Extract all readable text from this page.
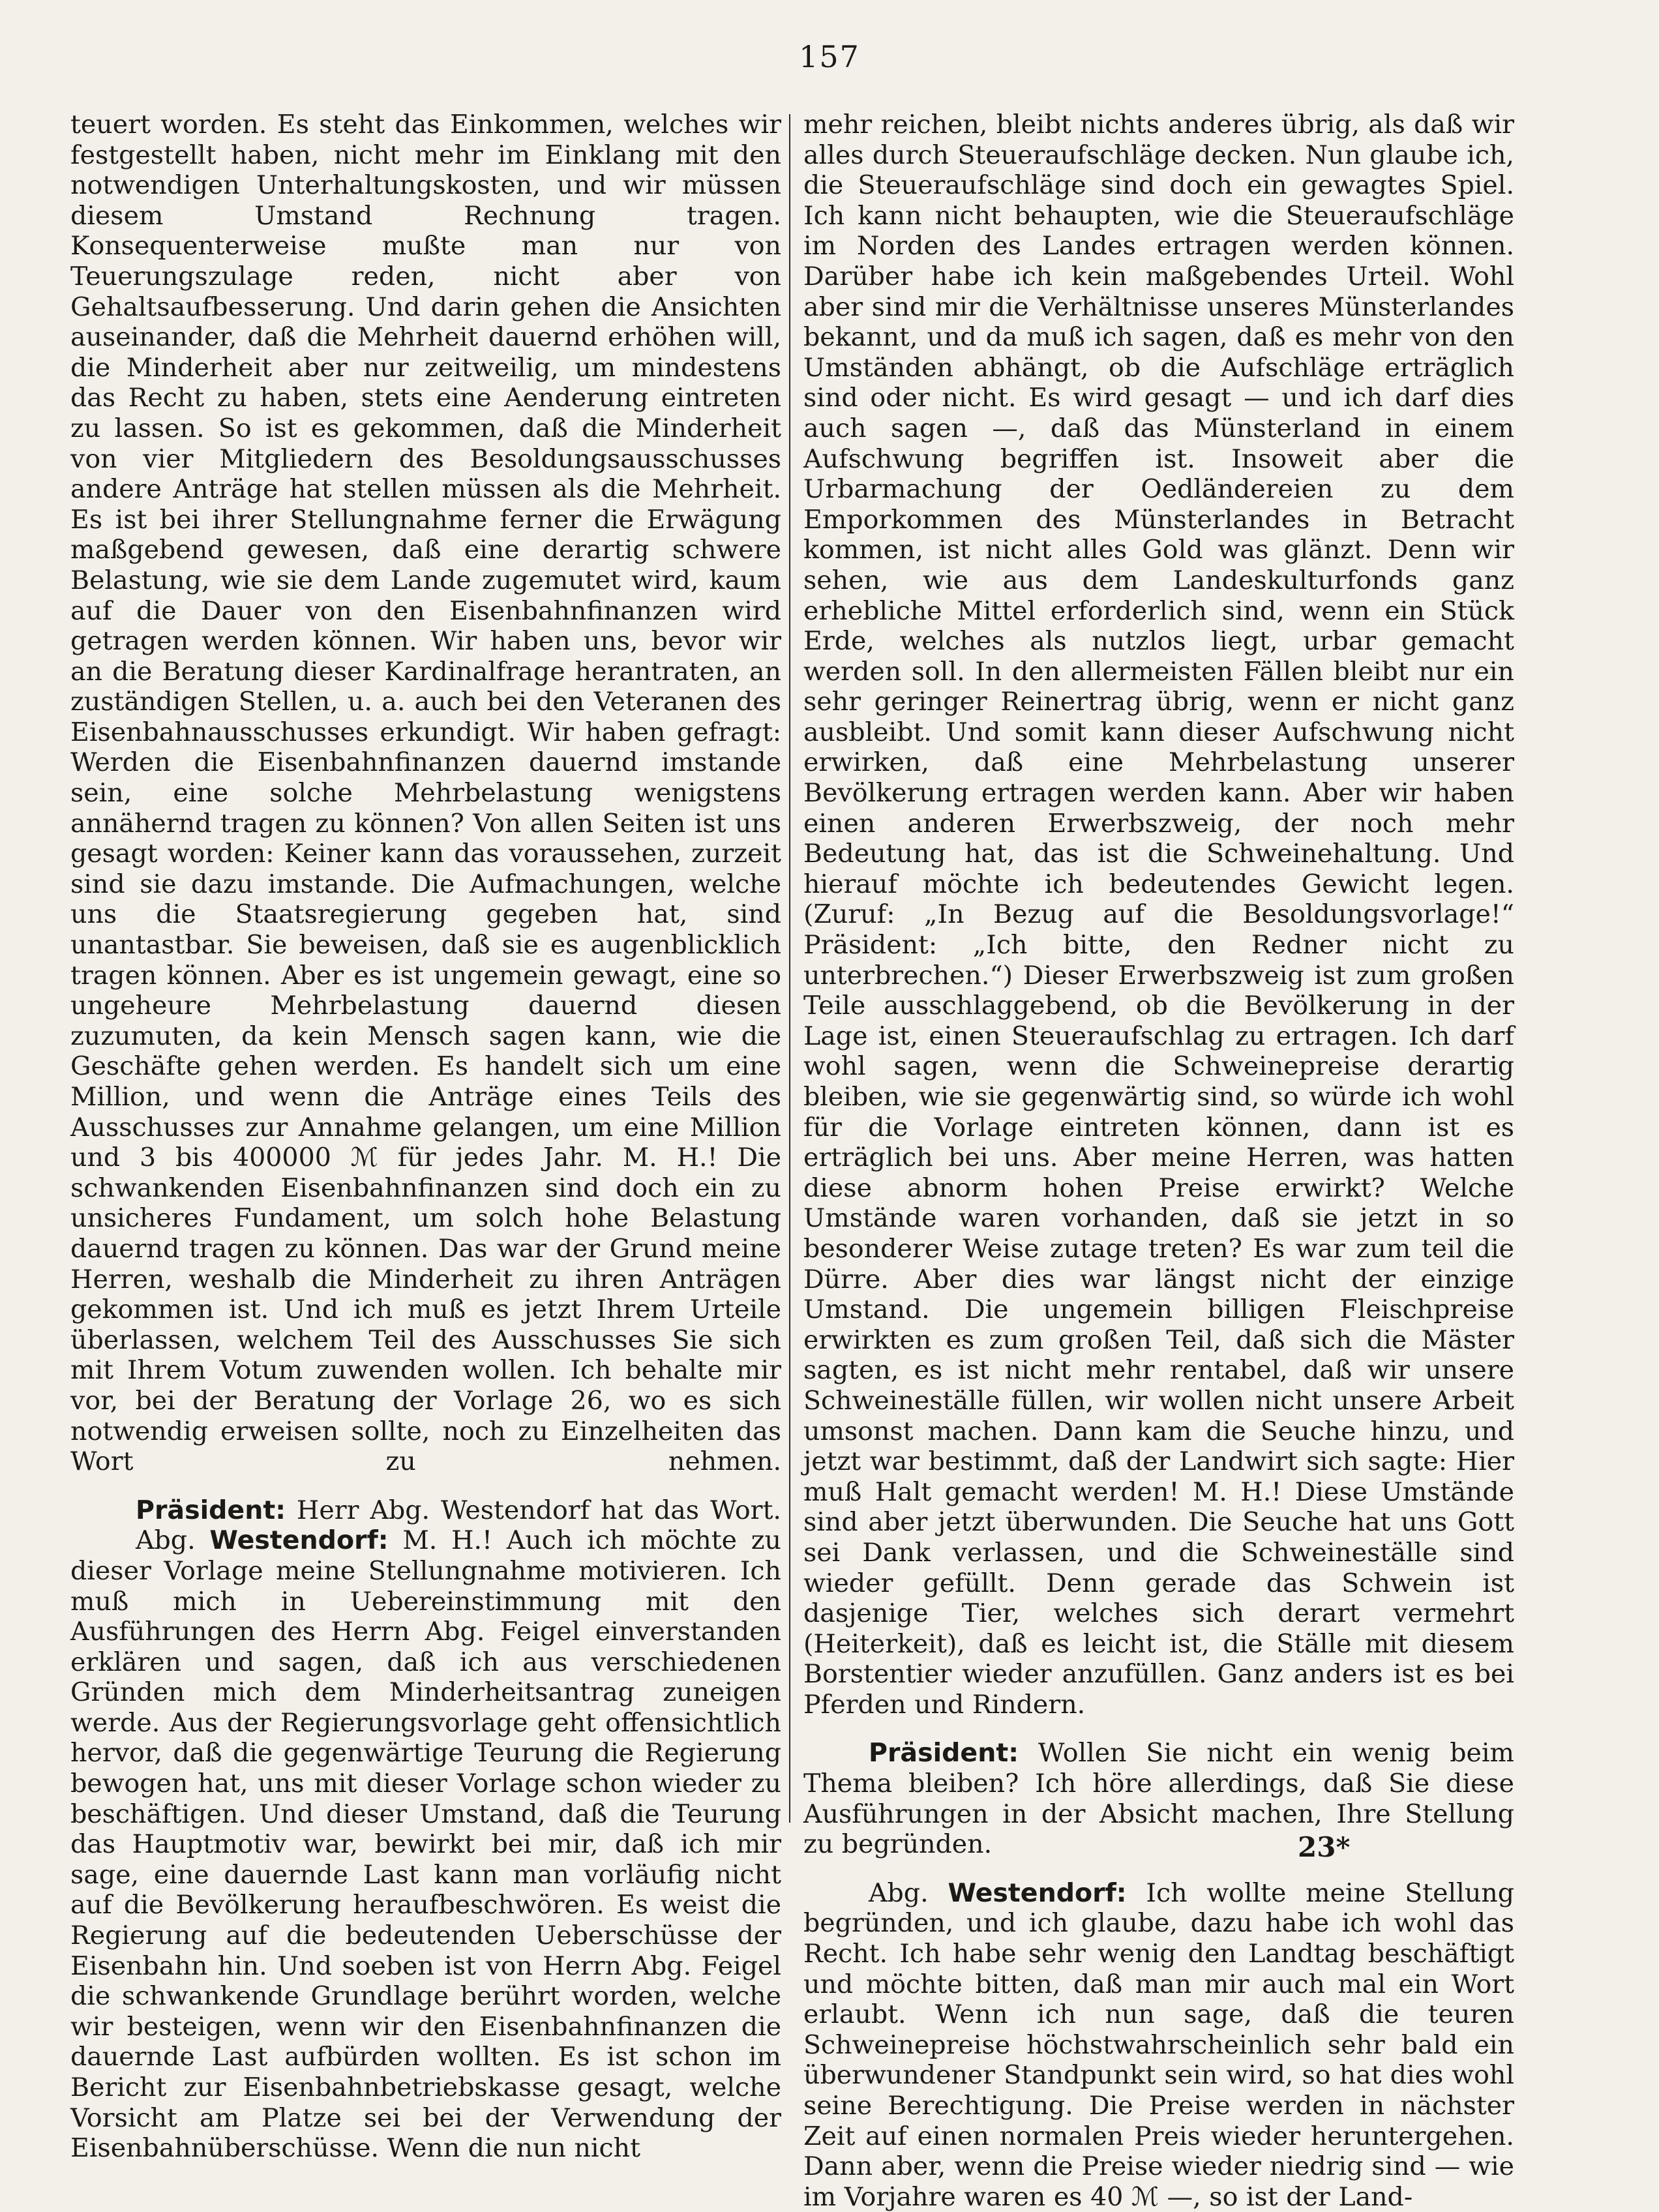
157

teuert worden. Es steht das Einkommen, welches wir festgestellt haben, nicht mehr im Einklang mit den notwendigen Unterhaltungskosten, und wir müssen diesem Umstand Rechnung tragen. Konsequenterweise mußte man nur von Teuerungszulage reden, nicht aber von Gehaltsaufbesserung. Und darin gehen die Ansichten auseinander, daß die Mehrheit dauernd erhöhen will, die Minderheit aber nur zeitweilig, um mindestens das Recht zu haben, stets eine Aenderung eintreten zu lassen. So ist es gekommen, daß die Minderheit von vier Mitgliedern des Besoldungsausschusses andere Anträge hat stellen müssen als die Mehrheit. Es ist bei ihrer Stellungnahme ferner die Erwägung maßgebend gewesen, daß eine derartig schwere Belastung, wie sie dem Lande zugemutet wird, kaum auf die Dauer von den Eisenbahnfinanzen wird getragen werden können. Wir haben uns, bevor wir an die Beratung dieser Kardinalfrage herantraten, an zuständigen Stellen, u. a. auch bei den Veteranen des Eisenbahnausschusses erkundigt. Wir haben gefragt: Werden die Eisenbahnfinanzen dauernd imstande sein, eine solche Mehrbelastung wenigstens annähernd tragen zu können? Von allen Seiten ist uns gesagt worden: Keiner kann das voraussehen, zurzeit sind sie dazu imstande. Die Aufmachungen, welche uns die Staatsregierung gegeben hat, sind unantastbar. Sie beweisen, daß sie es augenblicklich tragen können. Aber es ist ungemein gewagt, eine so ungeheure Mehrbelastung dauernd diesen zuzumuten, da kein Mensch sagen kann, wie die Geschäfte gehen werden. Es handelt sich um eine Million, und wenn die Anträge eines Teils des Ausschusses zur Annahme gelangen, um eine Million und 3 bis 400000 ℳ für jedes Jahr. M. H.! Die schwankenden Eisenbahnfinanzen sind doch ein zu unsicheres Fundament, um solch hohe Belastung dauernd tragen zu können. Das war der Grund meine Herren, weshalb die Minderheit zu ihren Anträgen gekommen ist. Und ich muß es jetzt Ihrem Urteile überlassen, welchem Teil des Ausschusses Sie sich mit Ihrem Votum zuwenden wollen. Ich behalte mir vor, bei der Beratung der Vorlage 26, wo es sich notwendig erweisen sollte, noch zu Einzelheiten das Wort zu nehmen.

Präsident: Herr Abg. Westendorf hat das Wort.

Abg. Westendorf: M. H.! Auch ich möchte zu dieser Vorlage meine Stellungnahme motivieren. Ich muß mich in Uebereinstimmung mit den Ausführungen des Herrn Abg. Feigel einverstanden erklären und sagen, daß ich aus verschiedenen Gründen mich dem Minderheitsantrag zuneigen werde. Aus der Regierungsvorlage geht offensichtlich hervor, daß die gegenwärtige Teurung die Regierung bewogen hat, uns mit dieser Vorlage schon wieder zu beschäftigen. Und dieser Umstand, daß die Teurung das Hauptmotiv war, bewirkt bei mir, daß ich mir sage, eine dauernde Last kann man vorläufig nicht auf die Bevölkerung heraufbeschwören. Es weist die Regierung auf die bedeutenden Ueberschüsse der Eisenbahn hin. Und soeben ist von Herrn Abg. Feigel die schwankende Grundlage berührt worden, welche wir besteigen, wenn wir den Eisenbahnfinanzen die dauernde Last aufbürden wollten. Es ist schon im Bericht zur Eisenbahnbetriebskasse gesagt, welche Vorsicht am Platze sei bei der Verwendung der Eisenbahnüberschüsse. Wenn die nun nicht

mehr reichen, bleibt nichts anderes übrig, als daß wir alles durch Steueraufschläge decken. Nun glaube ich, die Steueraufschläge sind doch ein gewagtes Spiel. Ich kann nicht behaupten, wie die Steueraufschläge im Norden des Landes ertragen werden können. Darüber habe ich kein maßgebendes Urteil. Wohl aber sind mir die Verhältnisse unseres Münsterlandes bekannt, und da muß ich sagen, daß es mehr von den Umständen abhängt, ob die Aufschläge erträglich sind oder nicht. Es wird gesagt — und ich darf dies auch sagen —, daß das Münsterland in einem Aufschwung begriffen ist. Insoweit aber die Urbarmachung der Oedländereien zu dem Emporkommen des Münsterlandes in Betracht kommen, ist nicht alles Gold was glänzt. Denn wir sehen, wie aus dem Landeskulturfonds ganz erhebliche Mittel erforderlich sind, wenn ein Stück Erde, welches als nutzlos liegt, urbar gemacht werden soll. In den allermeisten Fällen bleibt nur ein sehr geringer Reinertrag übrig, wenn er nicht ganz ausbleibt. Und somit kann dieser Aufschwung nicht erwirken, daß eine Mehrbelastung unserer Bevölkerung ertragen werden kann. Aber wir haben einen anderen Erwerbszweig, der noch mehr Bedeutung hat, das ist die Schweinehaltung. Und hierauf möchte ich bedeutendes Gewicht legen. (Zuruf: „In Bezug auf die Besoldungsvorlage!“ Präsident: „Ich bitte, den Redner nicht zu unterbrechen.“) Dieser Erwerbszweig ist zum großen Teile ausschlaggebend, ob die Bevölkerung in der Lage ist, einen Steueraufschlag zu ertragen. Ich darf wohl sagen, wenn die Schweinepreise derartig bleiben, wie sie gegenwärtig sind, so würde ich wohl für die Vorlage eintreten können, dann ist es erträglich bei uns. Aber meine Herren, was hatten diese abnorm hohen Preise erwirkt? Welche Umstände waren vorhanden, daß sie jetzt in so besonderer Weise zutage treten? Es war zum teil die Dürre. Aber dies war längst nicht der einzige Umstand. Die ungemein billigen Fleischpreise erwirkten es zum großen Teil, daß sich die Mäster sagten, es ist nicht mehr rentabel, daß wir unsere Schweineställe füllen, wir wollen nicht unsere Arbeit umsonst machen. Dann kam die Seuche hinzu, und jetzt war bestimmt, daß der Landwirt sich sagte: Hier muß Halt gemacht werden! M. H.! Diese Umstände sind aber jetzt überwunden. Die Seuche hat uns Gott sei Dank verlassen, und die Schweineställe sind wieder gefüllt. Denn gerade das Schwein ist dasjenige Tier, welches sich derart vermehrt (Heiterkeit), daß es leicht ist, die Ställe mit diesem Borstentier wieder anzufüllen. Ganz anders ist es bei Pferden und Rindern.

Präsident: Wollen Sie nicht ein wenig beim Thema bleiben? Ich höre allerdings, daß Sie diese Ausführungen in der Absicht machen, Ihre Stellung zu begründen.

Abg. Westendorf: Ich wollte meine Stellung begründen, und ich glaube, dazu habe ich wohl das Recht. Ich habe sehr wenig den Landtag beschäftigt und möchte bitten, daß man mir auch mal ein Wort erlaubt. Wenn ich nun sage, daß die teuren Schweinepreise höchstwahrscheinlich sehr bald ein überwundener Standpunkt sein wird, so hat dies wohl seine Berechtigung. Die Preise werden in nächster Zeit auf einen normalen Preis wieder heruntergehen. Dann aber, wenn die Preise wieder niedrig sind — wie im Vorjahre waren es 40 ℳ —, so ist der Land-

23*
